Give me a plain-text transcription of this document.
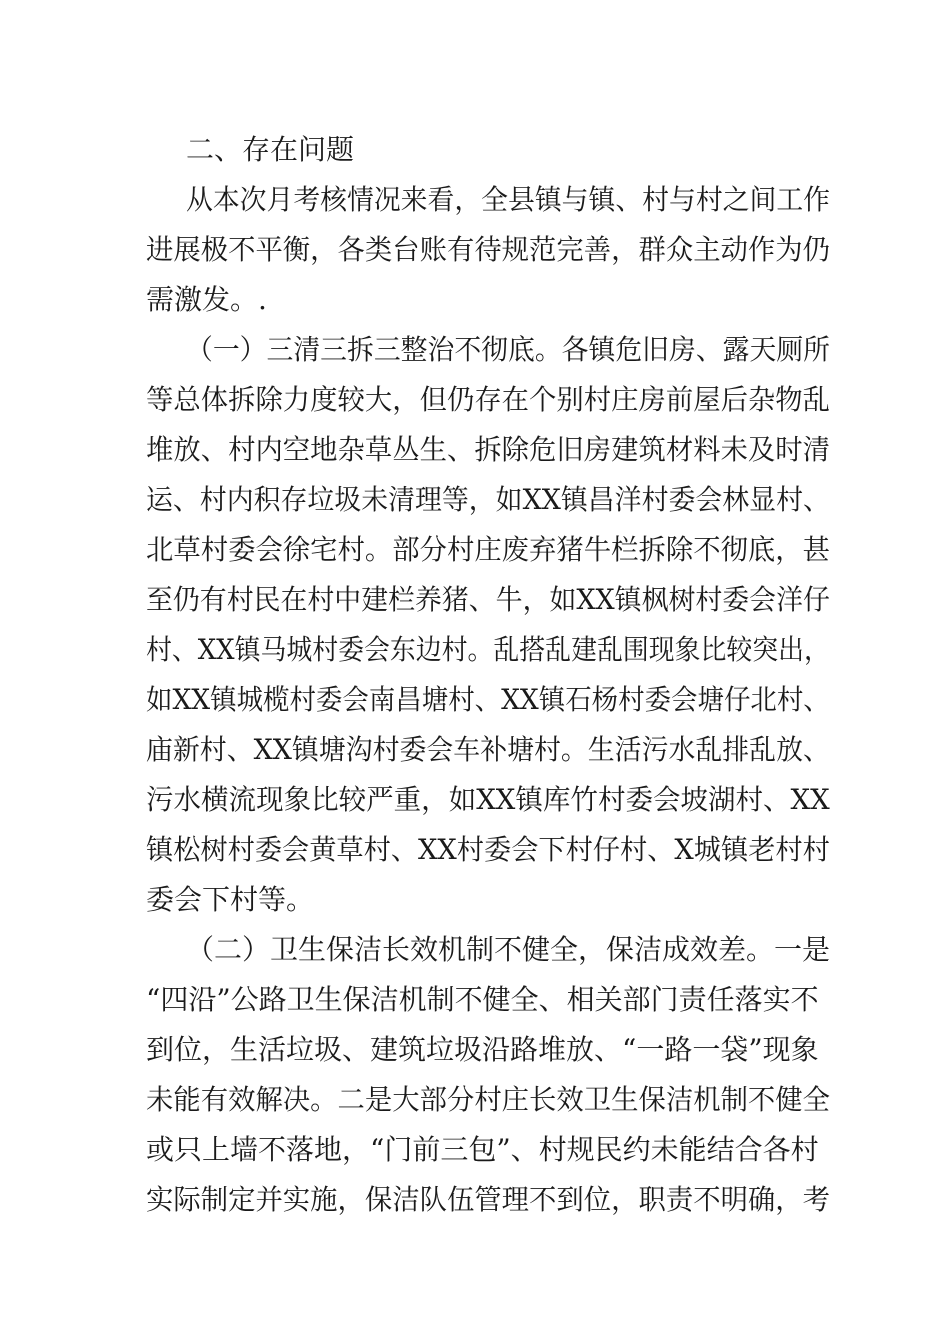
二、存在问题
从本次月考核情况来看，全县镇与镇、村与村之间工作
进展极不平衡，各类台账有待规范完善，群众主动作为仍
需激发。.
（一）三清三拆三整治不彻底。各镇危旧房、露天厕所
等总体拆除力度较大，但仍存在个别村庄房前屋后杂物乱
堆放、村内空地杂草丛生、拆除危旧房建筑材料未及时清
运、村内积存垃圾未清理等，如XX镇昌洋村委会林显村、
北草村委会徐宅村。部分村庄废弃猪牛栏拆除不彻底，甚
至仍有村民在村中建栏养猪、牛，如XX镇枫树村委会洋仔
村、XX镇马城村委会东边村。乱搭乱建乱围现象比较突出，
如XX镇城榄村委会南昌塘村、XX镇石杨村委会塘仔北村、
庙新村、XX镇塘沟村委会车补塘村。生活污水乱排乱放、
污水横流现象比较严重，如XX镇库竹村委会坡湖村、XX
镇松树村委会黄草村、XX村委会下村仔村、X城镇老村村
委会下村等。
（二）卫生保洁长效机制不健全，保洁成效差。一是
“四沿”公路卫生保洁机制不健全、相关部门责任落实不
到位，生活垃圾、建筑垃圾沿路堆放、“一路一袋”现象
未能有效解决。二是大部分村庄长效卫生保洁机制不健全
或只上墙不落地，“门前三包”、村规民约未能结合各村
实际制定并实施，保洁队伍管理不到位，职责不明确，考
